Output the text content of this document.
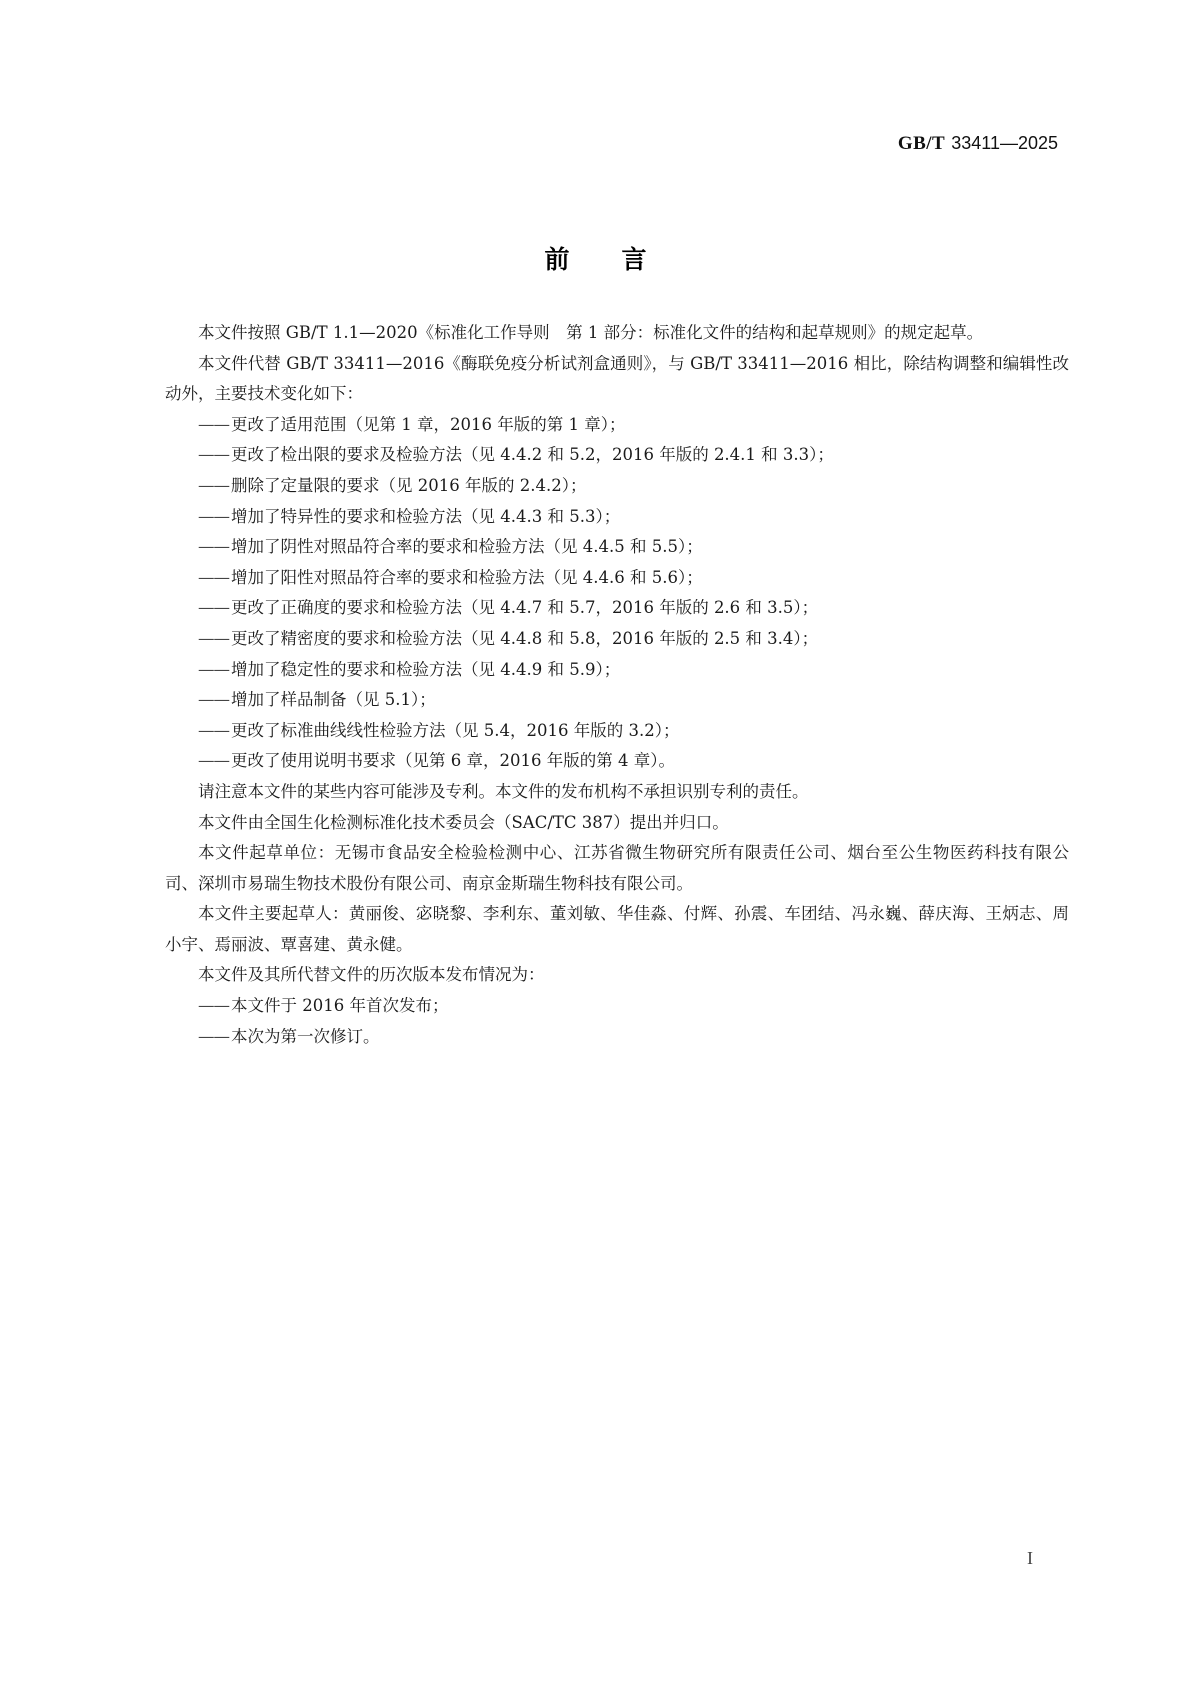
GB/T 33411—2025
前言

本文件按照 GB/T 1.1—2020《标准化工作导则　第 1 部分：标准化文件的结构和起草规则》的规定起草。

本文件代替 GB/T 33411—2016《酶联免疫分析试剂盒通则》，与 GB/T 33411—2016 相比，除结构调整和编辑性改动外，主要技术变化如下：

—— 更改了适用范围（见第 1 章，2016 年版的第 1 章）；

—— 更改了检出限的要求及检验方法（见 4.4.2 和 5.2，2016 年版的 2.4.1 和 3.3）；

—— 删除了定量限的要求（见 2016 年版的 2.4.2）；

—— 增加了特异性的要求和检验方法（见 4.4.3 和 5.3）；

—— 增加了阴性对照品符合率的要求和检验方法（见 4.4.5 和 5.5）；

—— 增加了阳性对照品符合率的要求和检验方法（见 4.4.6 和 5.6）；

—— 更改了正确度的要求和检验方法（见 4.4.7 和 5.7，2016 年版的 2.6 和 3.5）；

—— 更改了精密度的要求和检验方法（见 4.4.8 和 5.8，2016 年版的 2.5 和 3.4）；

—— 增加了稳定性的要求和检验方法（见 4.4.9 和 5.9）；

—— 增加了样品制备（见 5.1）；

—— 更改了标准曲线线性检验方法（见 5.4，2016 年版的 3.2）；

—— 更改了使用说明书要求（见第 6 章，2016 年版的第 4 章）。

请注意本文件的某些内容可能涉及专利。本文件的发布机构不承担识别专利的责任。

本文件由全国生化检测标准化技术委员会（SAC/TC 387）提出并归口。

本文件起草单位：无锡市食品安全检验检测中心、江苏省微生物研究所有限责任公司、烟台至公生物医药科技有限公司、深圳市易瑞生物技术股份有限公司、南京金斯瑞生物科技有限公司。

本文件主要起草人：黄丽俊、宓晓黎、李利东、董刘敏、华佳淼、付辉、孙震、车团结、冯永巍、薛庆海、王炳志、周小宇、焉丽波、覃喜建、黄永健。

本文件及其所代替文件的历次版本发布情况为：

—— 本文件于 2016 年首次发布；

—— 本次为第一次修订。

I
